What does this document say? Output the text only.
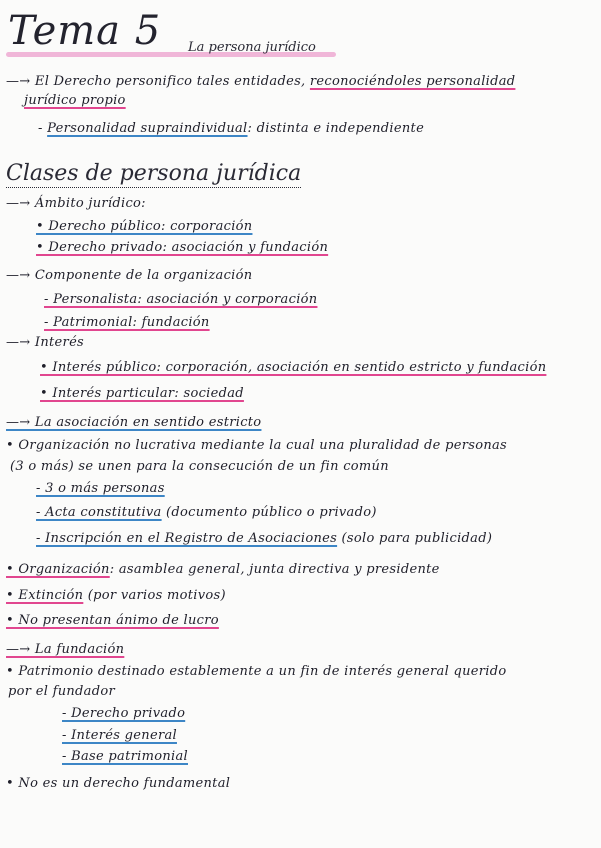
Tema 5 La persona jurídico
—→ El Derecho personifico tales entidades, reconociéndoles personalidad
jurídico propio
- Personalidad supraindividual: distinta e independiente
Clases de persona jurídica
—→ Ámbito jurídico:
• Derecho público: corporación
• Derecho privado: asociación y fundación
—→ Componente de la organización
- Personalista: asociación y corporación
- Patrimonial: fundación
—→ Interés
• Interés público: corporación, asociación en sentido estricto y fundación
• Interés particular: sociedad
—→ La asociación en sentido estricto
• Organización no lucrativa mediante la cual una pluralidad de personas
(3 o más) se unen para la consecución de un fin común
- 3 o más personas
- Acta constitutiva (documento público o privado)
- Inscripción en el Registro de Asociaciones (solo para publicidad)
• Organización: asamblea general, junta directiva y presidente
• Extinción (por varios motivos)
• No presentan ánimo de lucro
—→ La fundación
• Patrimonio destinado establemente a un fin de interés general querido
por el fundador
- Derecho privado
- Interés general
- Base patrimonial
• No es un derecho fundamental
